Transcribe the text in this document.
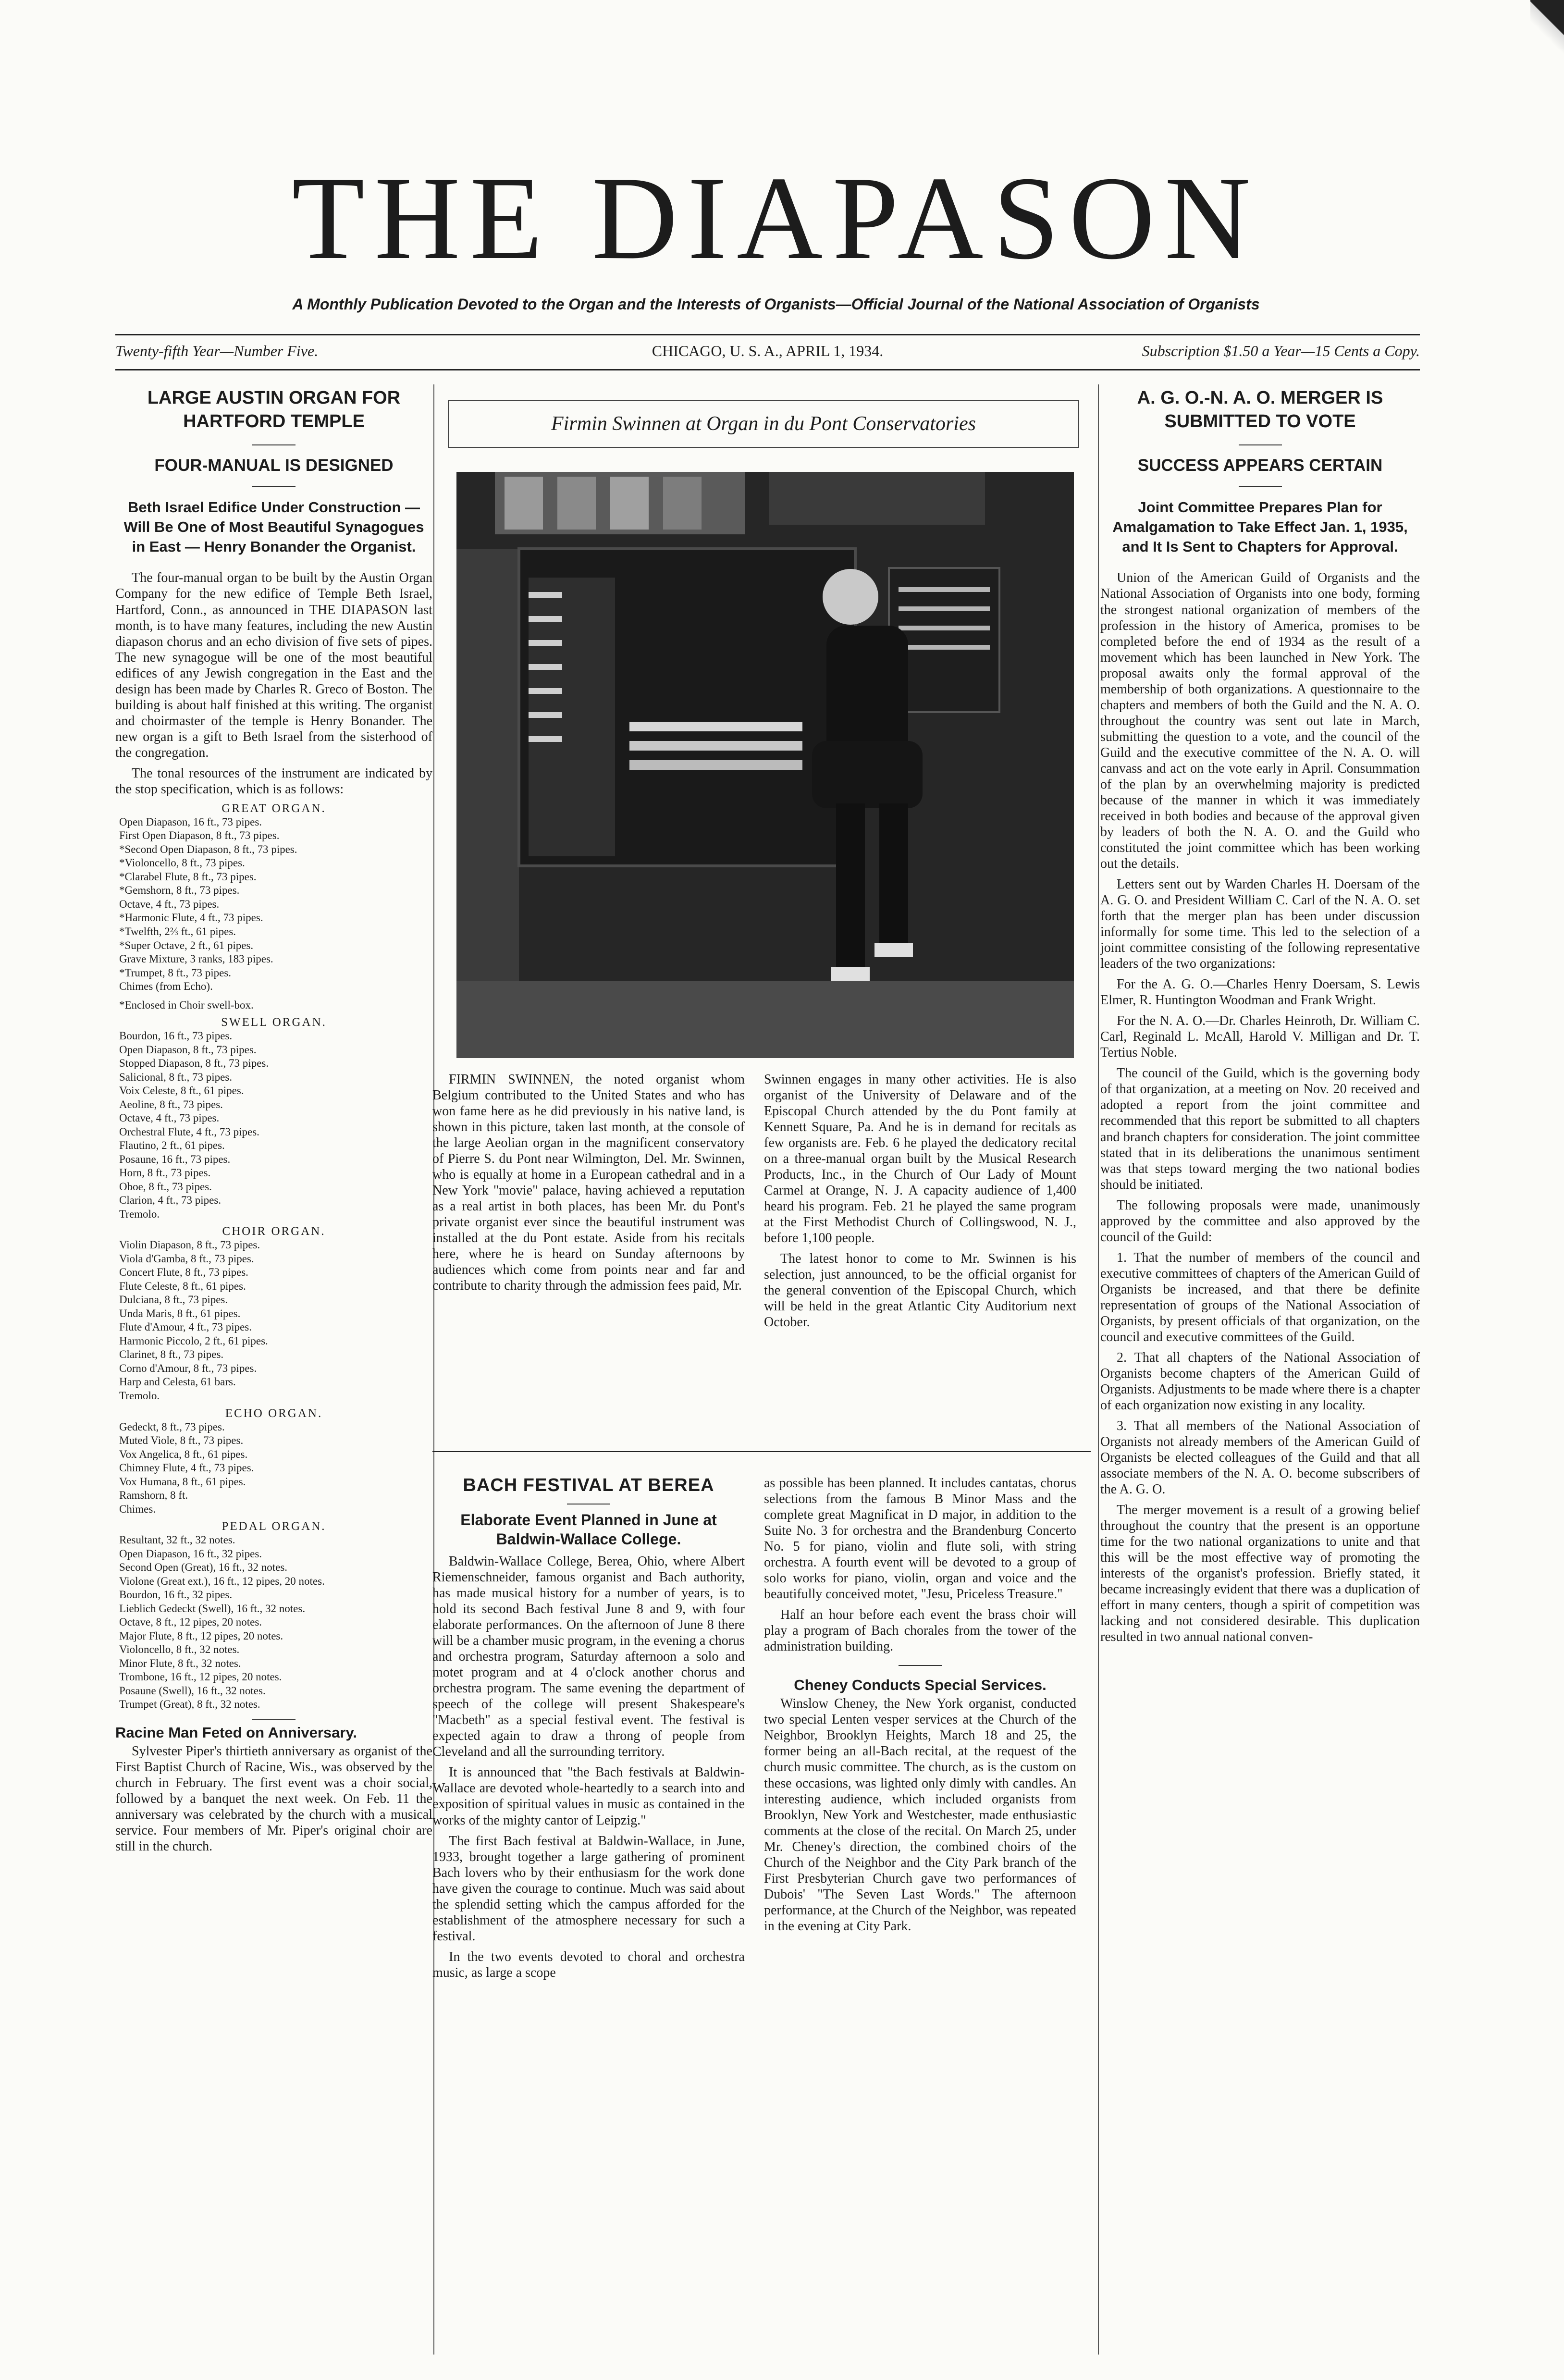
THE DIAPASON
A Monthly Publication Devoted to the Organ and the Interests of Organists—Official Journal of the National Association of Organists
Twenty-fifth Year—Number Five.	CHICAGO, U. S. A., APRIL 1, 1934.	Subscription $1.50 a Year—15 Cents a Copy.
LARGE AUSTIN ORGAN FOR HARTFORD TEMPLE
FOUR-MANUAL IS DESIGNED
Beth Israel Edifice Under Construction —Will Be One of Most Beautiful Synagogues in East — Henry Bonander the Organist.

The four-manual organ to be built by the Austin Organ Company for the new edifice of Temple Beth Israel, Hartford, Conn., as announced in THE DIAPASON last month, is to have many features, including the new Austin diapason chorus and an echo division of five sets of pipes. The new synagogue will be one of the most beautiful edifices of any Jewish congregation in the East and the design has been made by Charles R. Greco of Boston. The building is about half finished at this writing. The organist and choirmaster of the temple is Henry Bonander. The new organ is a gift to Beth Israel from the sisterhood of the congregation.

The tonal resources of the instrument are indicated by the stop specification, which is as follows:

GREAT ORGAN.
Open Diapason, 16 ft., 73 pipes.
First Open Diapason, 8 ft., 73 pipes.
*Second Open Diapason, 8 ft., 73 pipes.
*Violoncello, 8 ft., 73 pipes.
*Clarabel Flute, 8 ft., 73 pipes.
*Gemshorn, 8 ft., 73 pipes.
Octave, 4 ft., 73 pipes.
*Harmonic Flute, 4 ft., 73 pipes.
*Twelfth, 2⅔ ft., 61 pipes.
*Super Octave, 2 ft., 61 pipes.
Grave Mixture, 3 ranks, 183 pipes.
*Trumpet, 8 ft., 73 pipes.
Chimes (from Echo).
*Enclosed in Choir swell-box.
SWELL ORGAN.
Bourdon, 16 ft., 73 pipes.
Open Diapason, 8 ft., 73 pipes.
Stopped Diapason, 8 ft., 73 pipes.
Salicional, 8 ft., 73 pipes.
Voix Celeste, 8 ft., 61 pipes.
Aeoline, 8 ft., 73 pipes.
Octave, 4 ft., 73 pipes.
Orchestral Flute, 4 ft., 73 pipes.
Flautino, 2 ft., 61 pipes.
Posaune, 16 ft., 73 pipes.
Horn, 8 ft., 73 pipes.
Oboe, 8 ft., 73 pipes.
Clarion, 4 ft., 73 pipes.
Tremolo.
CHOIR ORGAN.
Violin Diapason, 8 ft., 73 pipes.
Viola d'Gamba, 8 ft., 73 pipes.
Concert Flute, 8 ft., 73 pipes.
Flute Celeste, 8 ft., 61 pipes.
Dulciana, 8 ft., 73 pipes.
Unda Maris, 8 ft., 61 pipes.
Flute d'Amour, 4 ft., 73 pipes.
Harmonic Piccolo, 2 ft., 61 pipes.
Clarinet, 8 ft., 73 pipes.
Corno d'Amour, 8 ft., 73 pipes.
Harp and Celesta, 61 bars.
Tremolo.
ECHO ORGAN.
Gedeckt, 8 ft., 73 pipes.
Muted Viole, 8 ft., 73 pipes.
Vox Angelica, 8 ft., 61 pipes.
Chimney Flute, 4 ft., 73 pipes.
Vox Humana, 8 ft., 61 pipes.
Ramshorn, 8 ft.
Chimes.
PEDAL ORGAN.
Resultant, 32 ft., 32 notes.
Open Diapason, 16 ft., 32 pipes.
Second Open (Great), 16 ft., 32 notes.
Violone (Great ext.), 16 ft., 12 pipes, 20 notes.
Bourdon, 16 ft., 32 pipes.
Lieblich Gedeckt (Swell), 16 ft., 32 notes.
Octave, 8 ft., 12 pipes, 20 notes.
Major Flute, 8 ft., 12 pipes, 20 notes.
Violoncello, 8 ft., 32 notes.
Minor Flute, 8 ft., 32 notes.
Trombone, 16 ft., 12 pipes, 20 notes.
Posaune (Swell), 16 ft., 32 notes.
Trumpet (Great), 8 ft., 32 notes.
Racine Man Feted on Anniversary.

Sylvester Piper's thirtieth anniversary as organist of the First Baptist Church of Racine, Wis., was observed by the church in February. The first event was a choir social, followed by a banquet the next week. On Feb. 11 the anniversary was celebrated by the church with a musical service. Four members of Mr. Piper's original choir are still in the church.

Firmin Swinnen at Organ in du Pont Conservatories

FIRMIN SWINNEN, the noted organist whom Belgium contributed to the United States and who has won fame here as he did previously in his native land, is shown in this picture, taken last month, at the console of the large Aeolian organ in the magnificent conservatory of Pierre S. du Pont near Wilmington, Del. Mr. Swinnen, who is equally at home in a European cathedral and in a New York "movie" palace, having achieved a reputation as a real artist in both places, has been Mr. du Pont's private organist ever since the beautiful instrument was installed at the du Pont estate. Aside from his recitals here, where he is heard on Sunday afternoons by audiences which come from points near and far and contribute to charity through the admission fees paid, Mr.

Swinnen engages in many other activities. He is also organist of the University of Delaware and of the Episcopal Church attended by the du Pont family at Kennett Square, Pa. And he is in demand for recitals as few organists are. Feb. 6 he played the dedicatory recital on a three-manual organ built by the Musical Research Products, Inc., in the Church of Our Lady of Mount Carmel at Orange, N. J. A capacity audience of 1,400 heard his program. Feb. 21 he played the same program at the First Methodist Church of Collingswood, N. J., before 1,100 people.

The latest honor to come to Mr. Swinnen is his selection, just announced, to be the official organist for the general convention of the Episcopal Church, which will be held in the great Atlantic City Auditorium next October.

BACH FESTIVAL AT BEREA
Elaborate Event Planned in June at Baldwin-Wallace College.

Baldwin-Wallace College, Berea, Ohio, where Albert Riemenschneider, famous organist and Bach authority, has made musical history for a number of years, is to hold its second Bach festival June 8 and 9, with four elaborate performances. On the afternoon of June 8 there will be a chamber music program, in the evening a chorus and orchestra program, Saturday afternoon a solo and motet program and at 4 o'clock another chorus and orchestra program. The same evening the department of speech of the college will present Shakespeare's "Macbeth" as a special festival event. The festival is expected again to draw a throng of people from Cleveland and all the surrounding territory.

It is announced that "the Bach festivals at Baldwin-Wallace are devoted whole-heartedly to a search into and exposition of spiritual values in music as contained in the works of the mighty cantor of Leipzig."

The first Bach festival at Baldwin-Wallace, in June, 1933, brought together a large gathering of prominent Bach lovers who by their enthusiasm for the work done have given the courage to continue. Much was said about the splendid setting which the campus afforded for the establishment of the atmosphere necessary for such a festival.

In the two events devoted to choral and orchestra music, as large a scope

as possible has been planned. It includes cantatas, chorus selections from the famous B Minor Mass and the complete great Magnificat in D major, in addition to the Suite No. 3 for orchestra and the Brandenburg Concerto No. 5 for piano, violin and flute soli, with string orchestra. A fourth event will be devoted to a group of solo works for piano, violin, organ and voice and the beautifully conceived motet, "Jesu, Priceless Treasure."

Half an hour before each event the brass choir will play a program of Bach chorales from the tower of the administration building.

Cheney Conducts Special Services.

Winslow Cheney, the New York organist, conducted two special Lenten vesper services at the Church of the Neighbor, Brooklyn Heights, March 18 and 25, the former being an all-Bach recital, at the request of the church music committee. The church, as is the custom on these occasions, was lighted only dimly with candles. An interesting audience, which included organists from Brooklyn, New York and Westchester, made enthusiastic comments at the close of the recital. On March 25, under Mr. Cheney's direction, the combined choirs of the Church of the Neighbor and the City Park branch of the First Presbyterian Church gave two performances of Dubois' "The Seven Last Words." The afternoon performance, at the Church of the Neighbor, was repeated in the evening at City Park.

A. G. O.-N. A. O. MERGER IS SUBMITTED TO VOTE
SUCCESS APPEARS CERTAIN
Joint Committee Prepares Plan for Amalgamation to Take Effect Jan. 1, 1935, and It Is Sent to Chapters for Approval.

Union of the American Guild of Organists and the National Association of Organists into one body, forming the strongest national organization of members of the profession in the history of America, promises to be completed before the end of 1934 as the result of a movement which has been launched in New York. The proposal awaits only the formal approval of the membership of both organizations. A questionnaire to the chapters and members of both the Guild and the N. A. O. throughout the country was sent out late in March, submitting the question to a vote, and the council of the Guild and the executive committee of the N. A. O. will canvass and act on the vote early in April. Consummation of the plan by an overwhelming majority is predicted because of the manner in which it was immediately received in both bodies and because of the approval given by leaders of both the N. A. O. and the Guild who constituted the joint committee which has been working out the details.

Letters sent out by Warden Charles H. Doersam of the A. G. O. and President William C. Carl of the N. A. O. set forth that the merger plan has been under discussion informally for some time. This led to the selection of a joint committee consisting of the following representative leaders of the two organizations:

For the A. G. O.—Charles Henry Doersam, S. Lewis Elmer, R. Huntington Woodman and Frank Wright.

For the N. A. O.—Dr. Charles Heinroth, Dr. William C. Carl, Reginald L. McAll, Harold V. Milligan and Dr. T. Tertius Noble.

The council of the Guild, which is the governing body of that organization, at a meeting on Nov. 20 received and adopted a report from the joint committee and recommended that this report be submitted to all chapters and branch chapters for consideration. The joint committee stated that in its deliberations the unanimous sentiment was that steps toward merging the two national bodies should be initiated.

The following proposals were made, unanimously approved by the committee and also approved by the council of the Guild:

1. That the number of members of the council and executive committees of chapters of the American Guild of Organists be increased, and that there be definite representation of groups of the National Association of Organists, by present officials of that organization, on the council and executive committees of the Guild.

2. That all chapters of the National Association of Organists become chapters of the American Guild of Organists. Adjustments to be made where there is a chapter of each organization now existing in any locality.

3. That all members of the National Association of Organists not already members of the American Guild of Organists be elected colleagues of the Guild and that all associate members of the N. A. O. become subscribers of the A. G. O.

The merger movement is a result of a growing belief throughout the country that the present is an opportune time for the two national organizations to unite and that this will be the most effective way of promoting the interests of the organist's profession. Briefly stated, it became increasingly evident that there was a duplication of effort in many centers, though a spirit of competition was lacking and not considered desirable. This duplication resulted in two annual national conven-
